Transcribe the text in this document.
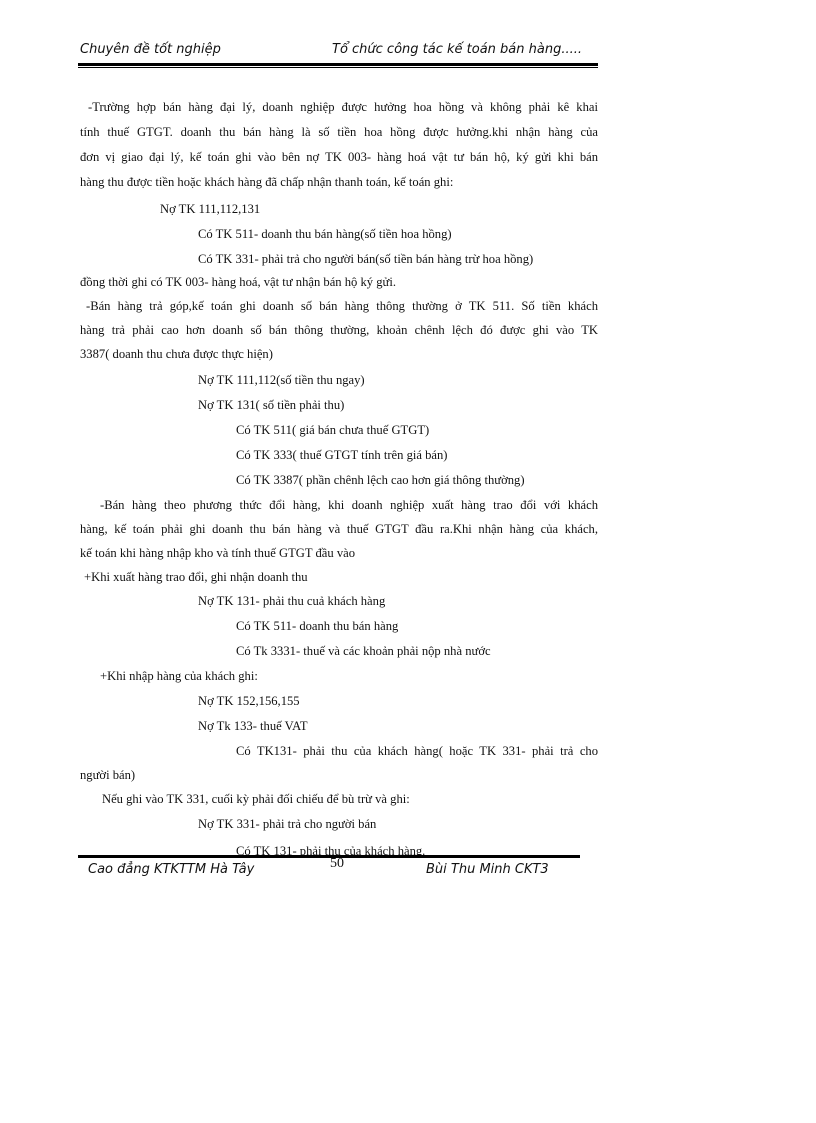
Chuyên đề tốt nghiệp	Tổ chức công tác kế toán bán hàng.....
-Trường hợp bán hàng đại lý, doanh nghiệp được hưởng hoa hồng và không phải kê khai
tính thuế GTGT. doanh thu bán hàng là số tiền hoa hồng được hưởng.khi nhận hàng của
đơn vị giao đại lý, kế toán ghi vào bên nợ TK 003- hàng hoá vật tư bán hộ, ký gửi khi bán
hàng thu được tiền hoặc khách hàng đã chấp nhận thanh toán, kế toán ghi:
Nợ TK 111,112,131
Có TK 511- doanh thu bán hàng(số tiền hoa hồng)
Có TK 331- phải trả cho người bán(số tiền bán hàng trừ hoa hồng)
đồng thời ghi có TK 003- hàng hoá, vật tư nhận bán hộ ký gửi.
-Bán hàng trả góp,kế toán ghi doanh số bán hàng thông thường ở TK 511. Số tiền khách
hàng trả phải cao hơn doanh số bán thông thường, khoản chênh lệch đó được ghi vào TK
3387( doanh thu chưa được thực hiện)
Nợ TK 111,112(số tiền thu ngay)
Nợ TK 131( số tiền phải thu)
Có TK 511( giá bán chưa thuế GTGT)
Có TK 333( thuế GTGT tính trên giá bán)
Có TK 3387( phần chênh lệch cao hơn giá thông thường)
-Bán hàng theo phương thức đổi hàng, khi doanh nghiệp xuất hàng trao đổi với khách
hàng, kế toán phải ghi doanh thu bán hàng và thuế GTGT đầu ra.Khi nhận hàng của khách,
kế toán khi hàng nhập kho và tính thuế GTGT đầu vào
+Khi xuất hàng trao đổi, ghi nhận doanh thu
Nợ TK 131- phải thu cuả khách hàng
Có TK 511- doanh thu bán hàng
Có Tk 3331- thuế và các khoản phải nộp nhà nước
+Khi nhập hàng của khách ghi:
Nợ TK 152,156,155
Nợ Tk 133- thuế VAT
Có TK131- phải thu của khách hàng( hoặc TK 331- phải trả cho
người bán)
Nếu ghi vào TK 331, cuối kỳ phải đối chiếu để bù trừ và ghi:
Nợ TK 331- phải trả cho người bán
Có TK 131- phải thu của khách hàng.
Cao đẳng KTKTTM Hà Tây	50	Bùi Thu Minh CKT3
